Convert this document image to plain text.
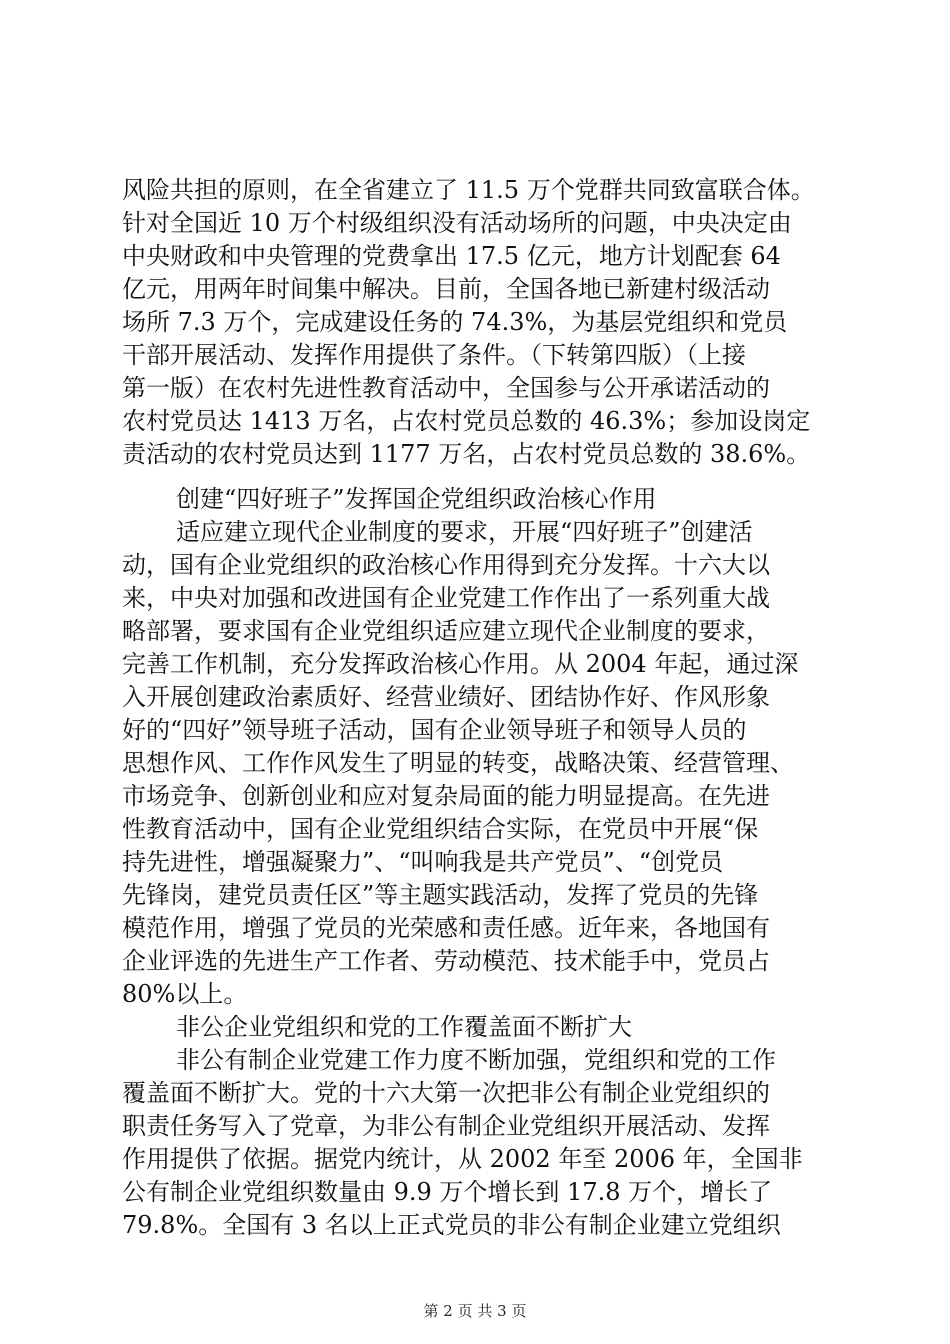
风险共担的原则，在全省建立了 11.5 万个党群共同致富联合体。
针对全国近 10 万个村级组织没有活动场所的问题，中央决定由
中央财政和中央管理的党费拿出 17.5 亿元，地方计划配套 64
亿元，用两年时间集中解决。目前，全国各地已新建村级活动
场所 7.3 万个，完成建设任务的 74.3%，为基层党组织和党员
干部开展活动、发挥作用提供了条件。（下转第四版）（上接
第一版）在农村先进性教育活动中，全国参与公开承诺活动的
农村党员达 1413 万名，占农村党员总数的 46.3%；参加设岗定
责活动的农村党员达到 1177 万名，占农村党员总数的 38.6%。
创建“四好班子”发挥国企党组织政治核心作用
适应建立现代企业制度的要求，开展“四好班子”创建活
动，国有企业党组织的政治核心作用得到充分发挥。十六大以
来，中央对加强和改进国有企业党建工作作出了一系列重大战
略部署，要求国有企业党组织适应建立现代企业制度的要求，
完善工作机制，充分发挥政治核心作用。从 2004 年起，通过深
入开展创建政治素质好、经营业绩好、团结协作好、作风形象
好的“四好”领导班子活动，国有企业领导班子和领导人员的
思想作风、工作作风发生了明显的转变，战略决策、经营管理、
市场竞争、创新创业和应对复杂局面的能力明显提高。在先进
性教育活动中，国有企业党组织结合实际，在党员中开展“保
持先进性，增强凝聚力”、“叫响我是共产党员”、“创党员
先锋岗，建党员责任区”等主题实践活动，发挥了党员的先锋
模范作用，增强了党员的光荣感和责任感。近年来，各地国有
企业评选的先进生产工作者、劳动模范、技术能手中，党员占
80%以上。
非公企业党组织和党的工作覆盖面不断扩大
非公有制企业党建工作力度不断加强，党组织和党的工作
覆盖面不断扩大。党的十六大第一次把非公有制企业党组织的
职责任务写入了党章，为非公有制企业党组织开展活动、发挥
作用提供了依据。据党内统计，从 2002 年至 2006 年，全国非
公有制企业党组织数量由 9.9 万个增长到 17.8 万个，增长了
79.8%。全国有 3 名以上正式党员的非公有制企业建立党组织
第 2 页 共 3 页
